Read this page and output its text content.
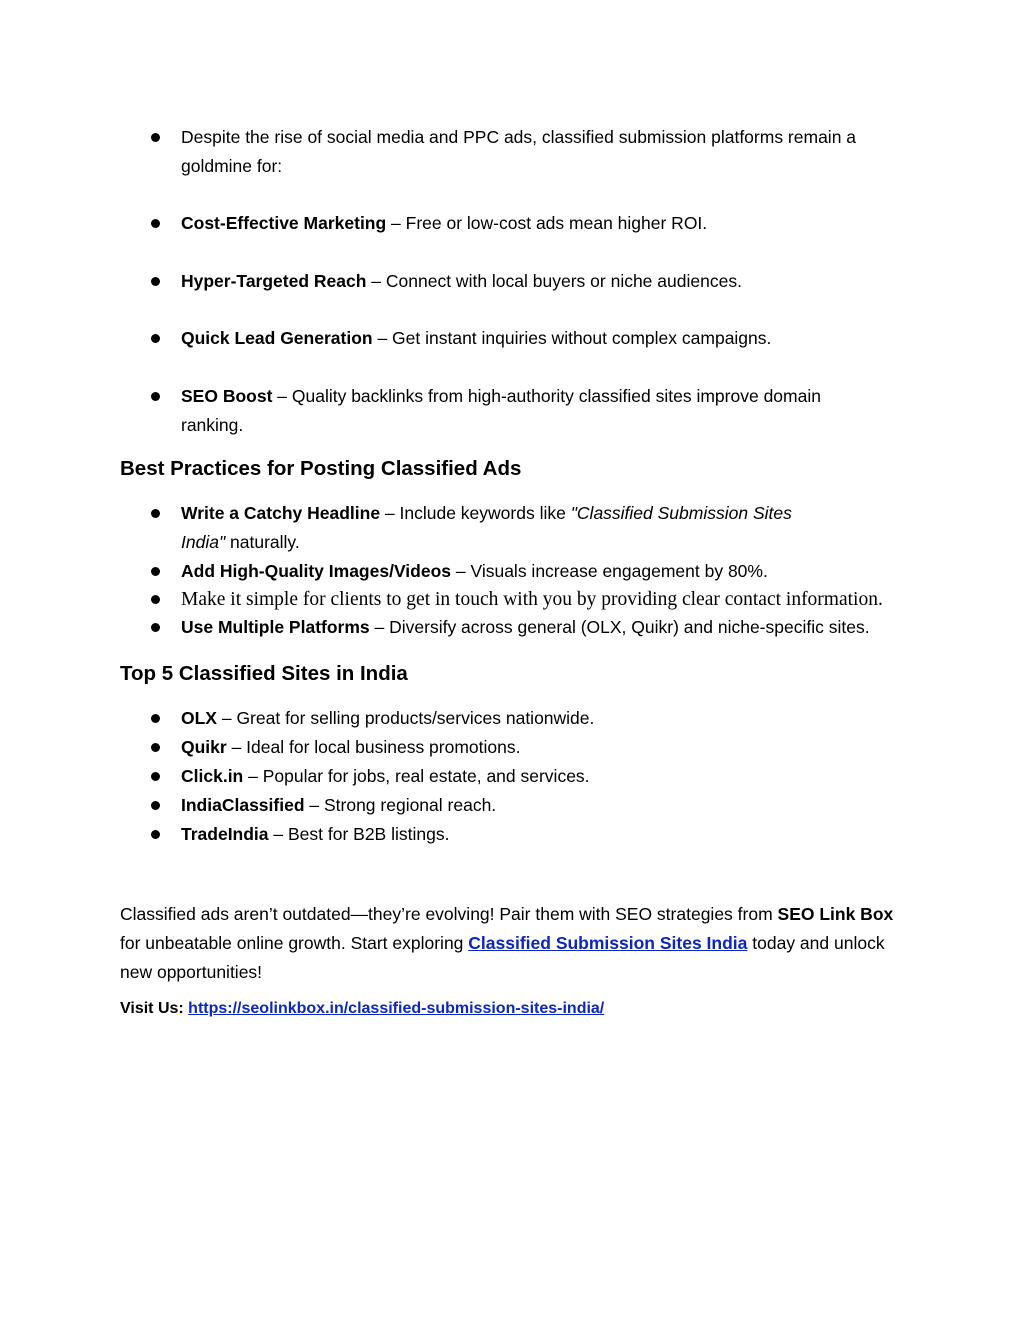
Despite the rise of social media and PPC ads, classified submission platforms remain a goldmine for:
Cost-Effective Marketing – Free or low-cost ads mean higher ROI.
Hyper-Targeted Reach – Connect with local buyers or niche audiences.
Quick Lead Generation – Get instant inquiries without complex campaigns.
SEO Boost – Quality backlinks from high-authority classified sites improve domain ranking.
Best Practices for Posting Classified Ads
Write a Catchy Headline – Include keywords like "Classified Submission Sites India" naturally.
Add High-Quality Images/Videos – Visuals increase engagement by 80%.
Make it simple for clients to get in touch with you by providing clear contact information.
Use Multiple Platforms – Diversify across general (OLX, Quikr) and niche-specific sites.
Top 5 Classified Sites in India
OLX – Great for selling products/services nationwide.
Quikr – Ideal for local business promotions.
Click.in – Popular for jobs, real estate, and services.
IndiaClassified – Strong regional reach.
TradeIndia – Best for B2B listings.

Classified ads aren’t outdated—they’re evolving! Pair them with SEO strategies from SEO Link Box for unbeatable online growth. Start exploring Classified Submission Sites India today and unlock new opportunities!

Visit Us: https://seolinkbox.in/classified-submission-sites-india/
